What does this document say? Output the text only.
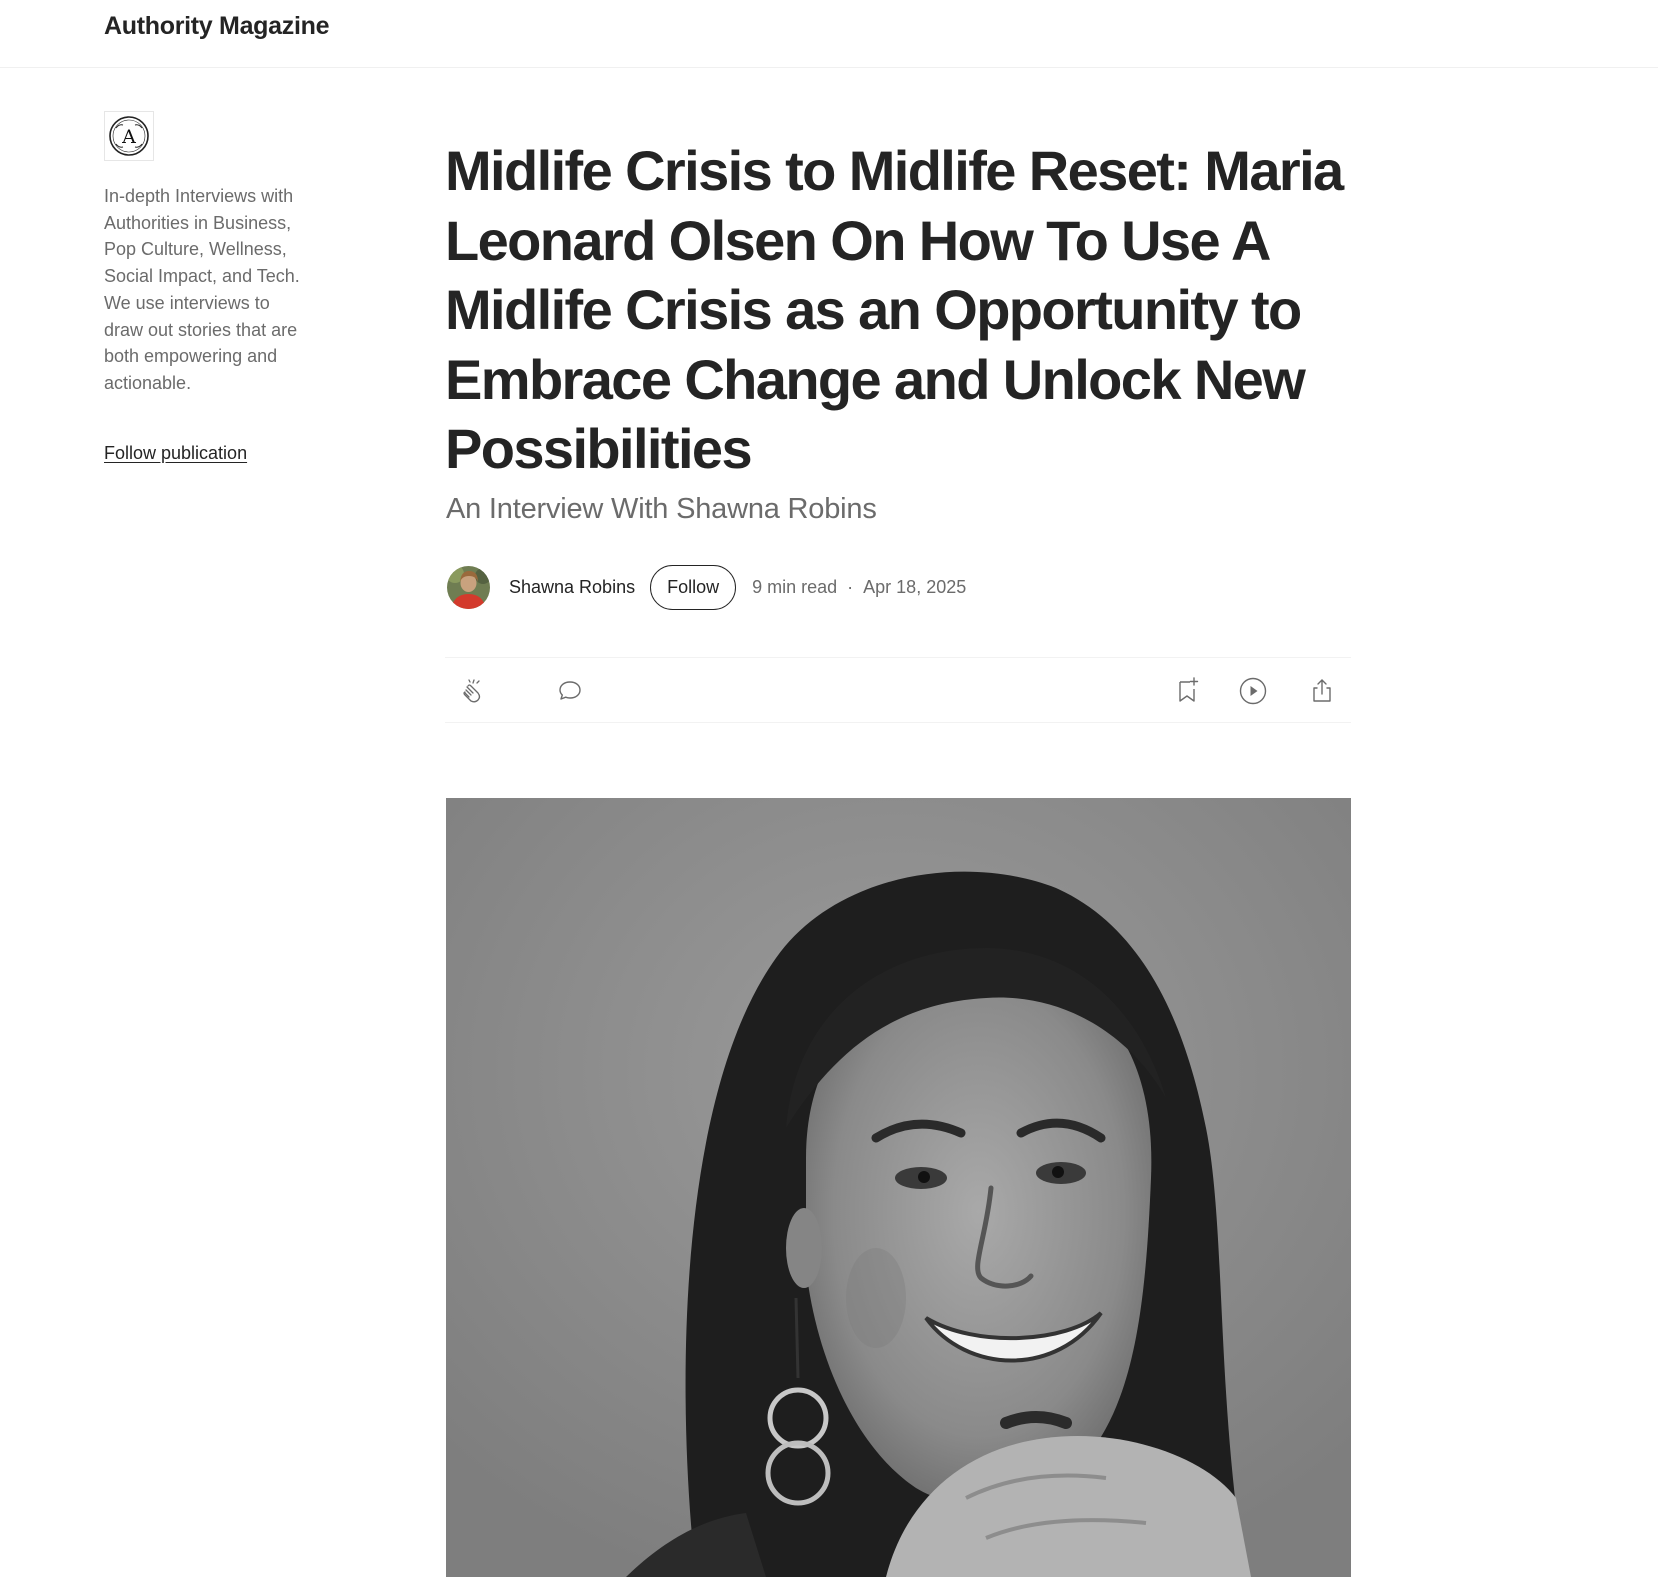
Authority Magazine
A

In-depth Interviews with Authorities in Business, Pop Culture, Wellness, Social Impact, and Tech. We use interviews to draw out stories that are both empowering and actionable.

Follow publication
Midlife Crisis to Midlife Reset: Maria Leonard Olsen On How To Use A Midlife Crisis as an Opportunity to Embrace Change and Unlock New Possibilities
An Interview With Shawna Robins
Shawna Robins	Follow	9 min read · Apr 18, 2025
